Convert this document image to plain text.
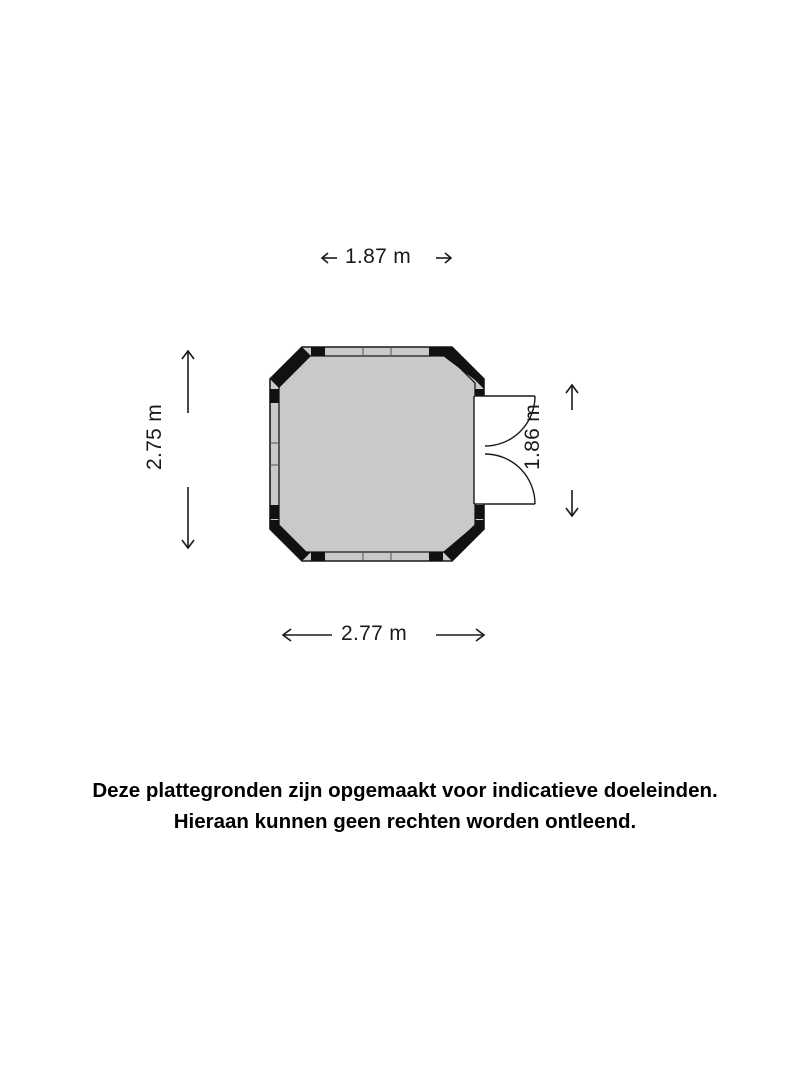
1.87 m
2.77 m
2.75 m	1.86 m
Deze plattegronden zijn opgemaakt voor indicatieve doeleinden.
Hieraan kunnen geen rechten worden ontleend.
